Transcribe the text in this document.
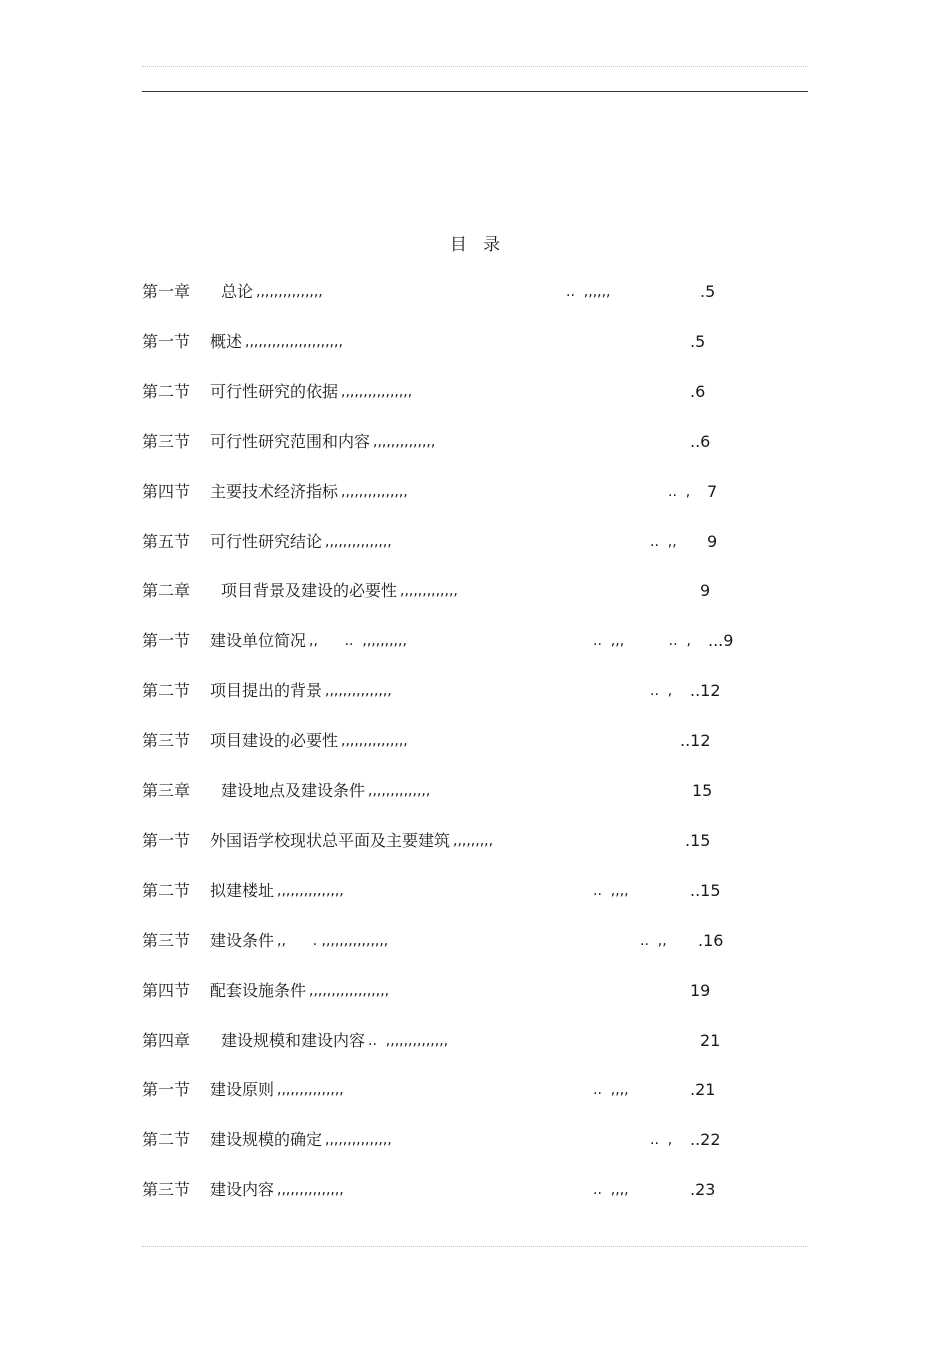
目   录
第一章 总论 ,,,,,,,,,,,,,,,	..  ,,,,,,	.5
第一节 概述 ,,,,,,,,,,,,,,,,,,,,,,	.5
第二节 可行性研究的依据 ,,,,,,,,,,,,,,,,	.6
第三节 可行性研究范围和内容 ,,,,,,,,,,,,,,	..6
第四节 主要技术经济指标 ,,,,,,,,,,,,,,,	..  , 7
第五节 可行性研究结论 ,,,,,,,,,,,,,,,	..  ,, 9
第二章 项目背景及建设的必要性 ,,,,,,,,,,,,,	9
第一节 建设单位简况 ,,      ..  ,,,,,,,,,,	..  ,,,          ..  , ...9
第二节 项目提出的背景 ,,,,,,,,,,,,,,,	..  , ..12
第三节 项目建设的必要性 ,,,,,,,,,,,,,,,	..12
第三章 建设地点及建设条件 ,,,,,,,,,,,,,,	15
第一节 外国语学校现状总平面及主要建筑 ,,,,,,,,,	.15
第二节 拟建楼址 ,,,,,,,,,,,,,,,	..  ,,,,	..15
第三节 建设条件 ,,      . ,,,,,,,,,,,,,,,	..  ,, .16
第四节 配套设施条件 ,,,,,,,,,,,,,,,,,,	19
第四章 建设规模和建设内容 ..  ,,,,,,,,,,,,,,	21
第一节 建设原则 ,,,,,,,,,,,,,,,	..  ,,,,	.21
第二节 建设规模的确定 ,,,,,,,,,,,,,,,	..  , ..22
第三节 建设内容 ,,,,,,,,,,,,,,,	..  ,,,,	.23
